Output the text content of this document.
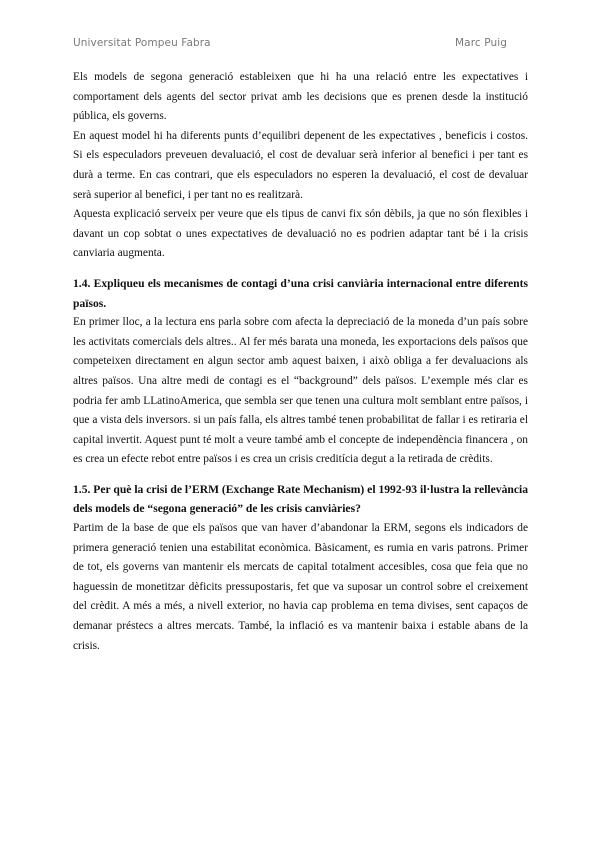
Universitat Pompeu Fabra	Marc Puig

Els models de segona generació estableixen que hi ha una relació entre les expectatives i comportament dels agents del sector privat amb les decisions que es prenen desde la institució pública, els governs.

En aquest model hi ha diferents punts d’equilibri depenent de les expectatives , beneficis i costos. Si els especuladors preveuen devaluació, el cost de devaluar serà inferior al benefici i per tant es durà a terme. En cas contrari, que els especuladors no esperen la devaluació, el cost de devaluar serà superior al benefici, i per tant no es realitzarà.

Aquesta explicació serveix per veure que els tipus de canvi fix són dèbils, ja que no són flexibles i davant un cop sobtat o unes expectatives de devaluació no es podrien adaptar tant bé i la crisis canviaria augmenta.

1.4. Expliqueu els mecanismes de contagi d’una crisi canviària internacional entre diferents països.

En primer lloc, a la lectura ens parla sobre com afecta la depreciació de la moneda d’un país sobre les activitats comercials dels altres.. Al fer més barata una moneda, les exportacions dels països que competeixen directament en algun sector amb aquest baixen, i això obliga a fer devaluacions als altres països. Una altre medi de contagi es el “background” dels països. L’exemple més clar es podria fer amb LLatinoAmerica, que sembla ser que tenen una cultura molt semblant entre països, i que a vista dels inversors. si un país falla, els altres també tenen probabilitat de fallar i es retiraria el capital invertit. Aquest punt té molt a veure també amb el concepte de independència financera , on es crea un efecte rebot entre països i es crea un crisis creditícia degut a la retirada de crèdits.

1.5. Per què la crisi de l’ERM (Exchange Rate Mechanism) el 1992-93 il·lustra la rellevància dels models de “segona generació” de les crisis canviàries?

Partim de la base de que els països que van haver d’abandonar la ERM, segons els indicadors de primera generació tenien una estabilitat econòmica. Bàsicament, es rumia en varis patrons. Primer de tot, els governs van mantenir els mercats de capital totalment accesibles, cosa que feia que no haguessin de monetitzar dèficits pressupostaris, fet que va suposar un control sobre el creixement del crèdit. A més a més, a nivell exterior, no havia cap problema en tema divises, sent capaços de demanar préstecs a altres mercats. També, la inflació es va mantenir baixa i estable abans de la crisis.
